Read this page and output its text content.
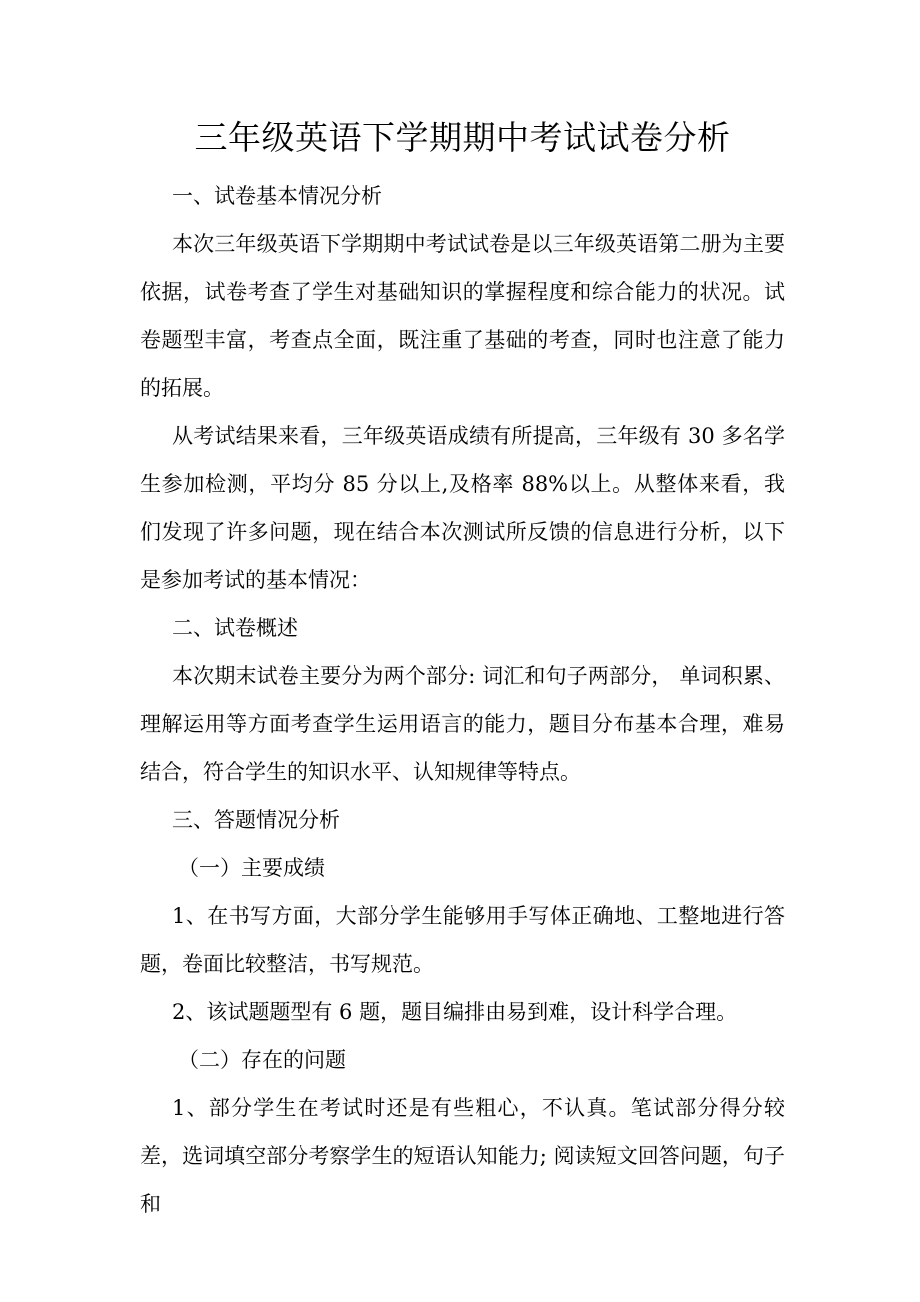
三年级英语下学期期中考试试卷分析

一、试卷基本情况分析

本次三年级英语下学期期中考试试卷是以三年级英语第二册为主要依据，试卷考查了学生对基础知识的掌握程度和综合能力的状况。试卷题型丰富，考查点全面，既注重了基础的考查，同时也注意了能力的拓展。

从考试结果来看，三年级英语成绩有所提高，三年级有 30 多名学生参加检测，平均分 85 分以上,及格率 88%以上。从整体来看，我们发现了许多问题，现在结合本次测试所反馈的信息进行分析，以下是参加考试的基本情况：

二、试卷概述

本次期末试卷主要分为两个部分: 词汇和句子两部分， 单词积累、理解运用等方面考查学生运用语言的能力，题目分布基本合理，难易结合，符合学生的知识水平、认知规律等特点。

三、答题情况分析

（一）主要成绩

1、在书写方面，大部分学生能够用手写体正确地、工整地进行答题，卷面比较整洁，书写规范。

2、该试题题型有 6 题，题目编排由易到难，设计科学合理。

（二）存在的问题

1、部分学生在考试时还是有些粗心，不认真。笔试部分得分较差，选词填空部分考察学生的短语认知能力; 阅读短文回答问题，句子和
